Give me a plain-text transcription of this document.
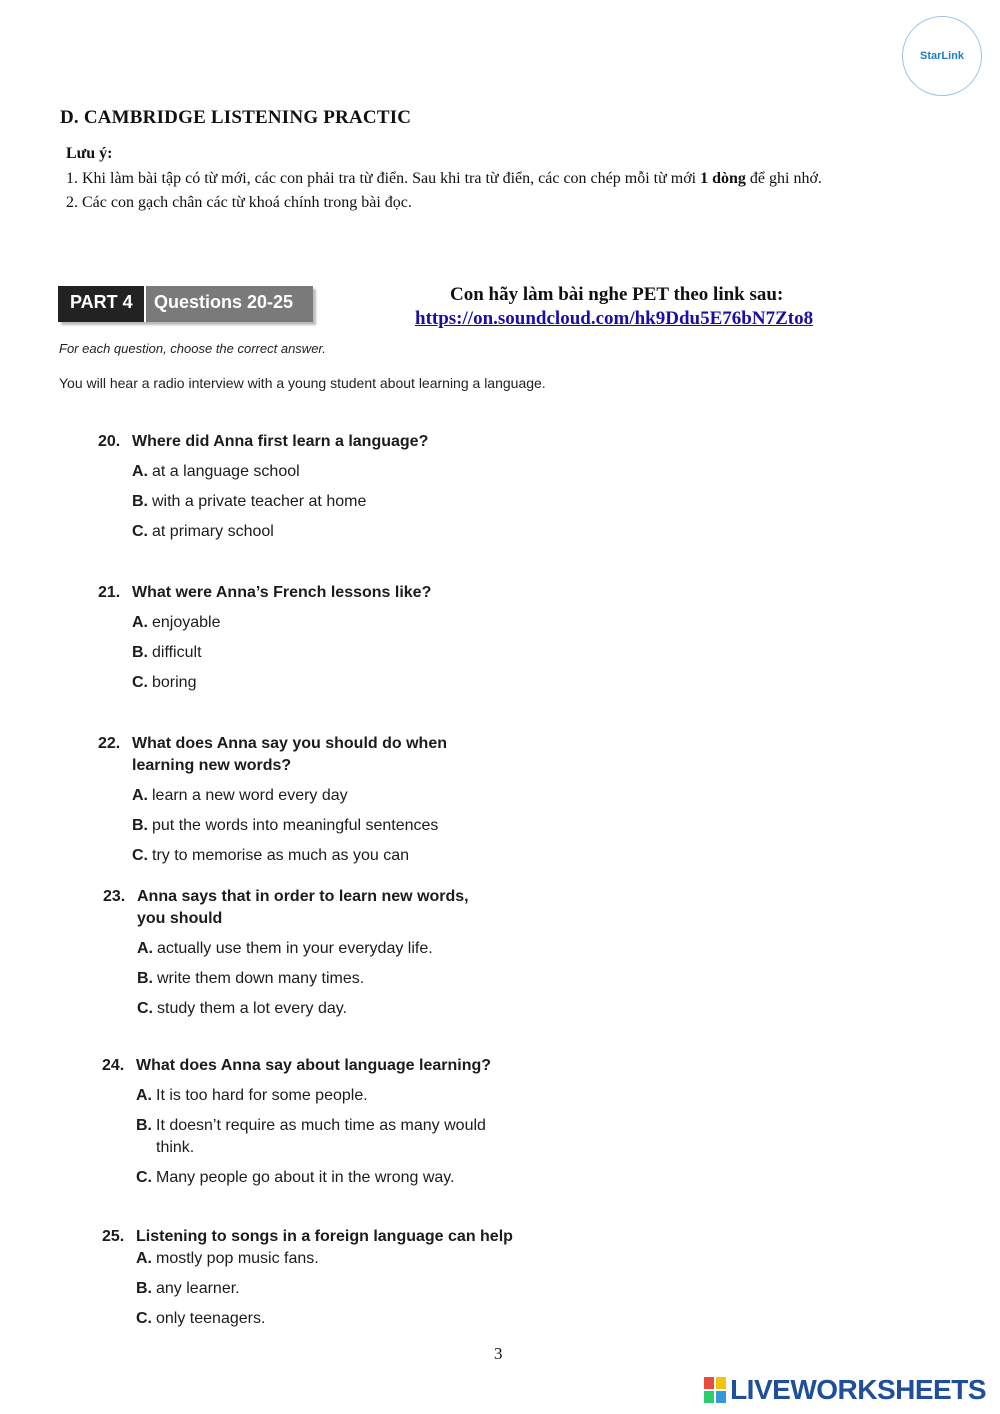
StarLink
D. CAMBRIDGE LISTENING PRACTIC
Lưu ý:
1. Khi làm bài tập có từ mới, các con phải tra từ điển. Sau khi tra từ điển, các con chép mỗi từ mới 1 dòng để ghi nhớ.
2. Các con gạch chân các từ khoá chính trong bài đọc.
PART 4	Questions 20-25
For each question, choose the correct answer.
You will hear a radio interview with a young student about learning a language.
Con hãy làm bài nghe PET theo link sau:
https://on.soundcloud.com/hk9Ddu5E76bN7Zto8
20. Where did Anna first learn a language?
A. at a language school
B. with a private teacher at home
C. at primary school
21. What were Anna’s French lessons like?
A. enjoyable
B. difficult
C. boring
22. What does Anna say you should do when learning new words?
A. learn a new word every day
B. put the words into meaningful sentences
C. try to memorise as much as you can
23. Anna says that in order to learn new words, you should
A. actually use them in your everyday life.
B. write them down many times.
C. study them a lot every day.
24. What does Anna say about language learning?
A. It is too hard for some people.
B. It doesn’t require as much time as many would think.
C. Many people go about it in the wrong way.
25. Listening to songs in a foreign language can help
A. mostly pop music fans.
B. any learner.
C. only teenagers.
3
LIVEWORKSHEETS
